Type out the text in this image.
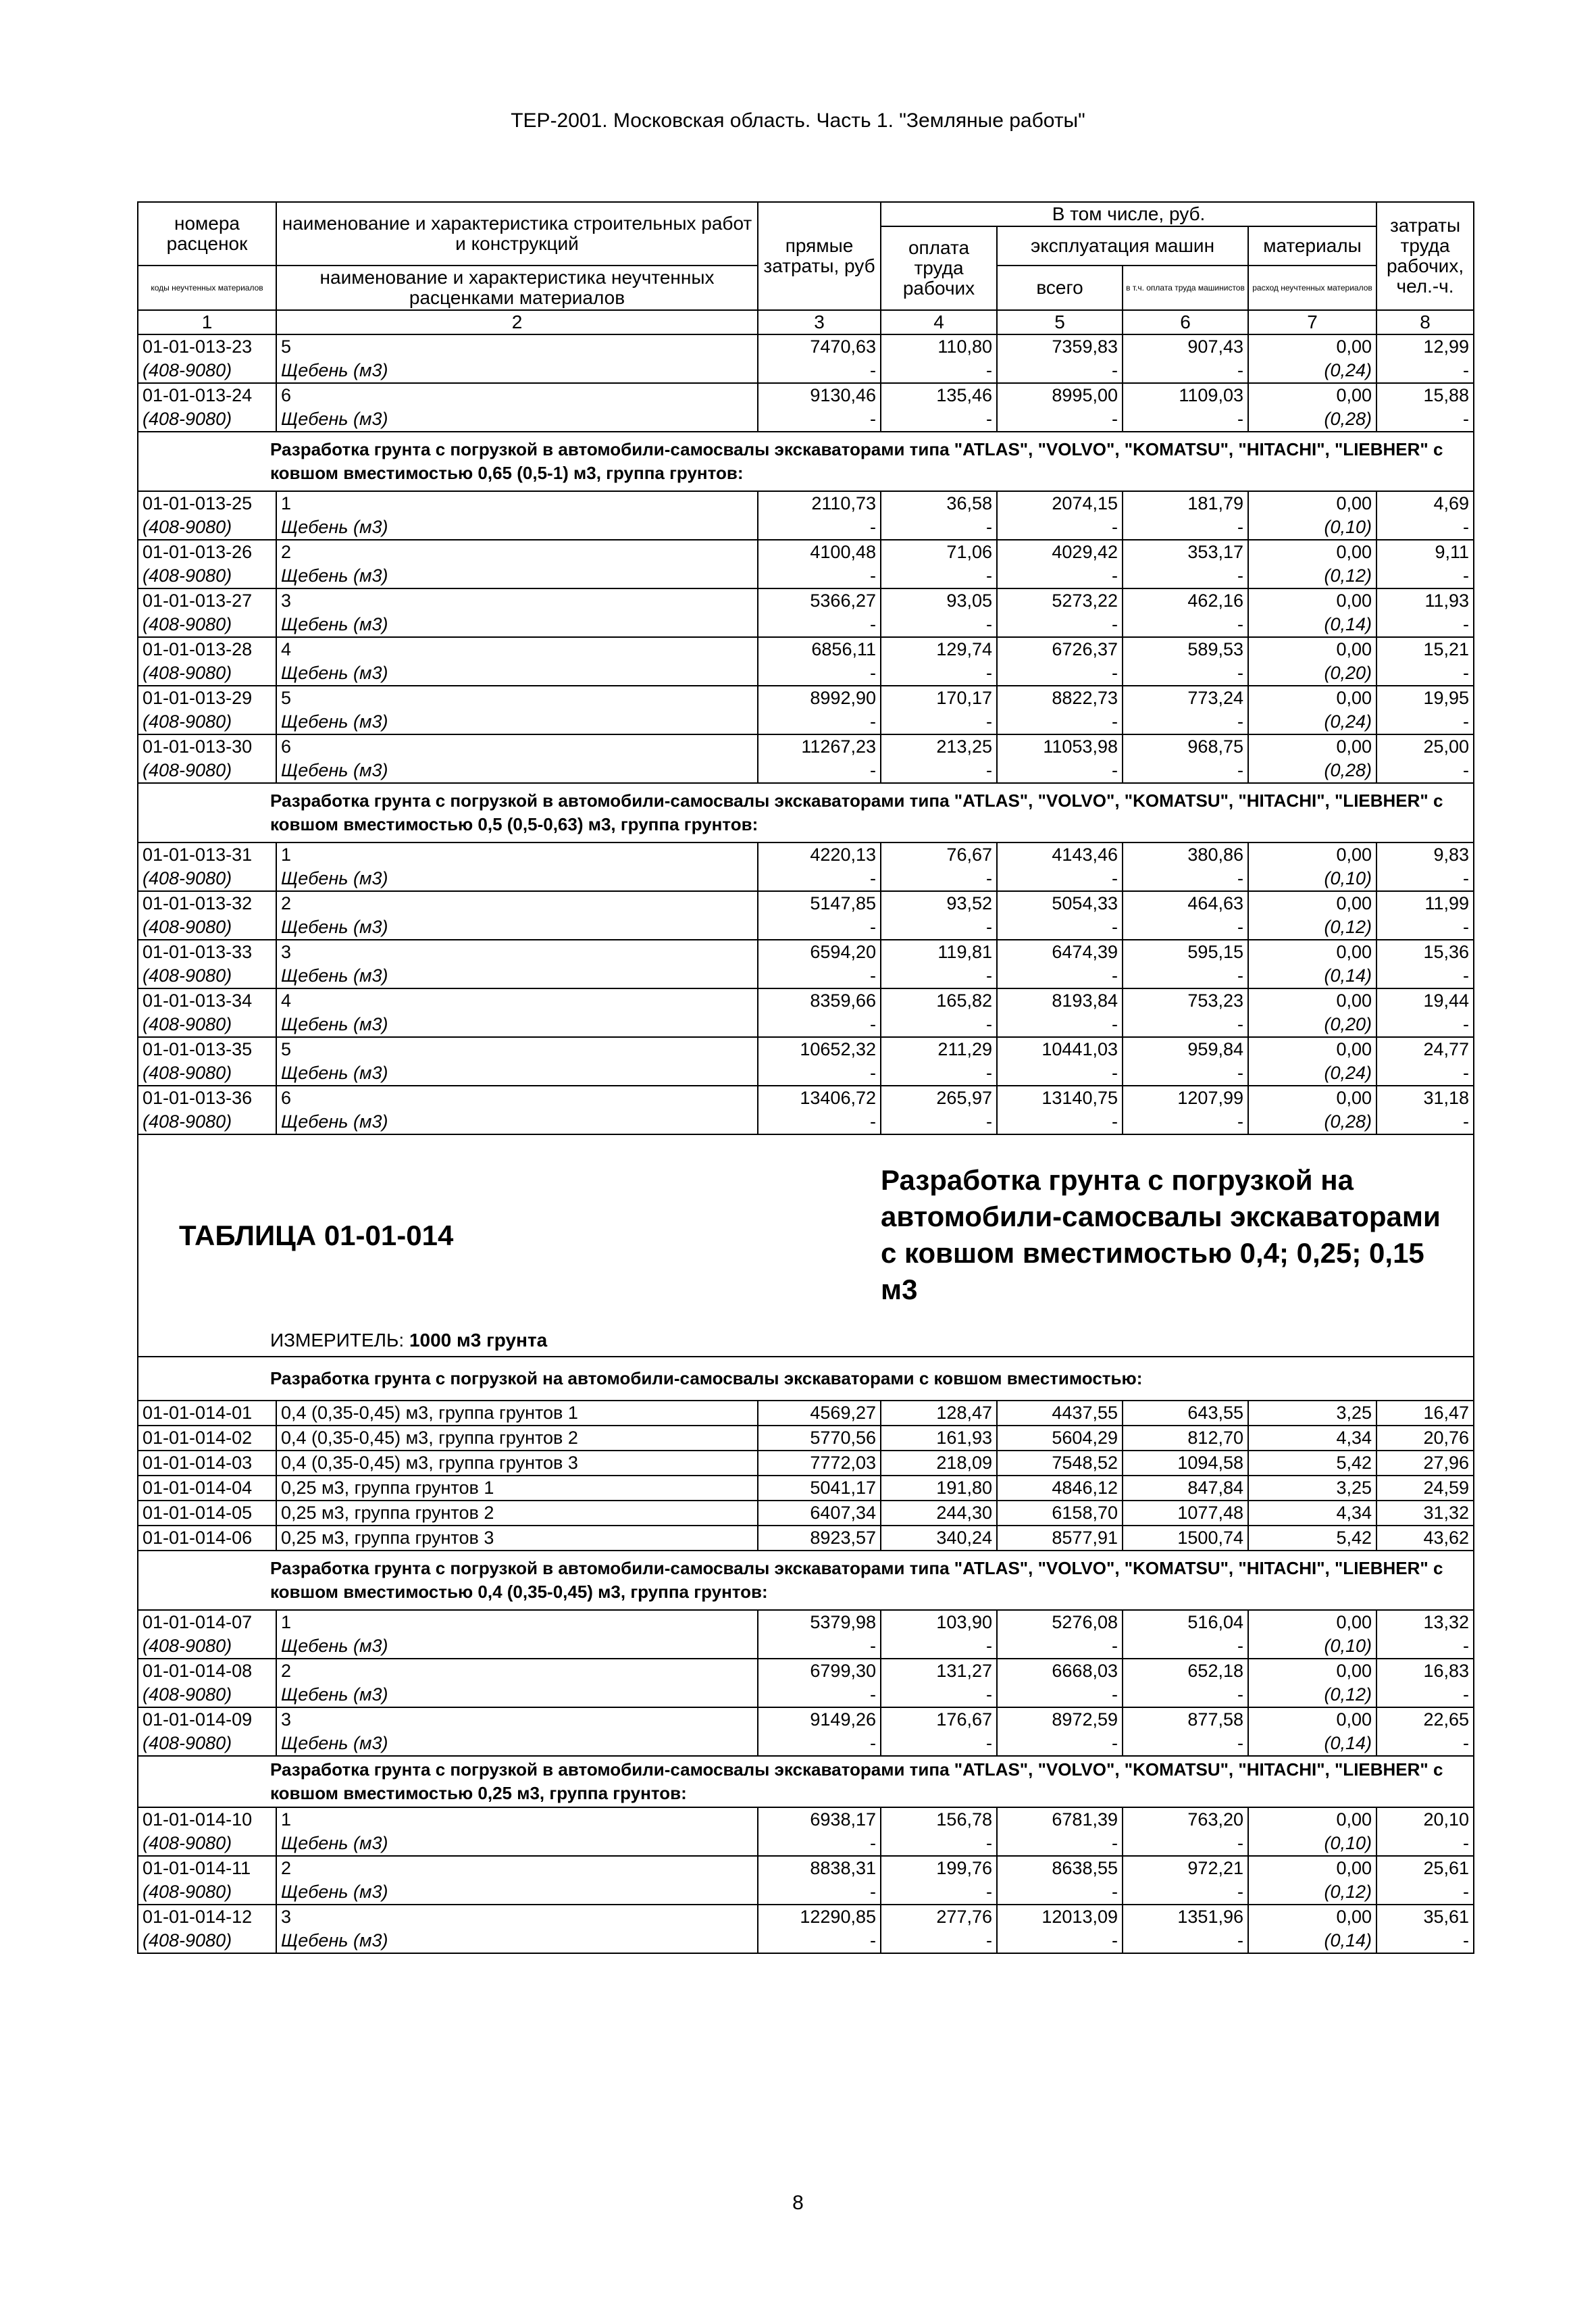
ТЕР-2001. Московская область. Часть 1. "Земляные работы"
номера расценок	наименование и характеристика строительных работ и конструкций	прямые затраты, руб	В том числе, руб.				затраты труда рабочих, чел.-ч.
			оплата труда рабочих	эксплуатация машин		материалы	
коды неучтенных материалов	наименование и характеристика неучтенных расценками материалов			всего	в т.ч. оплата труда машинистов	расход неучтенных материалов	

1	2	3	4	5	6	7	8
01-01-013-23	5	7470,63	110,80	7359,83	907,43	0,00	12,99
(408-9080)	Щебень (м3)	-	-	-	-	(0,24)	-
01-01-013-24	6	9130,46	135,46	8995,00	1109,03	0,00	15,88
(408-9080)	Щебень (м3)	-	-	-	-	(0,28)	-
Разработка грунта с погрузкой в автомобили-самосвалы экскаваторами типа "ATLAS", "VOLVO", "KOMATSU", "HITACHI", "LIEBHER" с ковшом вместимостью 0,65 (0,5-1) м3, группа грунтов:							
01-01-013-25	1	2110,73	36,58	2074,15	181,79	0,00	4,69
(408-9080)	Щебень (м3)	-	-	-	-	(0,10)	-
01-01-013-26	2	4100,48	71,06	4029,42	353,17	0,00	9,11
(408-9080)	Щебень (м3)	-	-	-	-	(0,12)	-
01-01-013-27	3	5366,27	93,05	5273,22	462,16	0,00	11,93
(408-9080)	Щебень (м3)	-	-	-	-	(0,14)	-
01-01-013-28	4	6856,11	129,74	6726,37	589,53	0,00	15,21
(408-9080)	Щебень (м3)	-	-	-	-	(0,20)	-
01-01-013-29	5	8992,90	170,17	8822,73	773,24	0,00	19,95
(408-9080)	Щебень (м3)	-	-	-	-	(0,24)	-
01-01-013-30	6	11267,23	213,25	11053,98	968,75	0,00	25,00
(408-9080)	Щебень (м3)	-	-	-	-	(0,28)	-
Разработка грунта с погрузкой в автомобили-самосвалы экскаваторами типа "ATLAS", "VOLVO", "KOMATSU", "HITACHI", "LIEBHER" с ковшом вместимостью 0,5 (0,5-0,63) м3, группа грунтов:							
01-01-013-31	1	4220,13	76,67	4143,46	380,86	0,00	9,83
(408-9080)	Щебень (м3)	-	-	-	-	(0,10)	-
01-01-013-32	2	5147,85	93,52	5054,33	464,63	0,00	11,99
(408-9080)	Щебень (м3)	-	-	-	-	(0,12)	-
01-01-013-33	3	6594,20	119,81	6474,39	595,15	0,00	15,36
(408-9080)	Щебень (м3)	-	-	-	-	(0,14)	-
01-01-013-34	4	8359,66	165,82	8193,84	753,23	0,00	19,44
(408-9080)	Щебень (м3)	-	-	-	-	(0,20)	-
01-01-013-35	5	10652,32	211,29	10441,03	959,84	0,00	24,77
(408-9080)	Щебень (м3)	-	-	-	-	(0,24)	-
01-01-013-36	6	13406,72	265,97	13140,75	1207,99	0,00	31,18
(408-9080)	Щебень (м3)	-	-	-	-	(0,28)	-
ТАБЛИЦА 01-01-014			Разработка грунта с погрузкой на автомобили-самосвалы экскаваторами с ковшом вместимостью 0,4; 0,25; 0,15 м3				
ИЗМЕРИТЕЛЬ: 1000 м3 грунта							
Разработка грунта с погрузкой на автомобили-самосвалы экскаваторами с ковшом вместимостью:							
01-01-014-01	0,4 (0,35-0,45) м3, группа грунтов 1	4569,27	128,47	4437,55	643,55	3,25	16,47
01-01-014-02	0,4 (0,35-0,45) м3, группа грунтов 2	5770,56	161,93	5604,29	812,70	4,34	20,76
01-01-014-03	0,4 (0,35-0,45) м3, группа грунтов 3	7772,03	218,09	7548,52	1094,58	5,42	27,96
01-01-014-04	0,25 м3, группа грунтов 1	5041,17	191,80	4846,12	847,84	3,25	24,59
01-01-014-05	0,25 м3, группа грунтов 2	6407,34	244,30	6158,70	1077,48	4,34	31,32
01-01-014-06	0,25 м3, группа грунтов 3	8923,57	340,24	8577,91	1500,74	5,42	43,62
Разработка грунта с погрузкой в автомобили-самосвалы экскаваторами типа "ATLAS", "VOLVO", "KOMATSU", "HITACHI", "LIEBHER" с ковшом вместимостью 0,4 (0,35-0,45) м3, группа грунтов:							
01-01-014-07	1	5379,98	103,90	5276,08	516,04	0,00	13,32
(408-9080)	Щебень (м3)	-	-	-	-	(0,10)	-
01-01-014-08	2	6799,30	131,27	6668,03	652,18	0,00	16,83
(408-9080)	Щебень (м3)	-	-	-	-	(0,12)	-
01-01-014-09	3	9149,26	176,67	8972,59	877,58	0,00	22,65
(408-9080)	Щебень (м3)	-	-	-	-	(0,14)	-
Разработка грунта с погрузкой в автомобили-самосвалы экскаваторами типа "ATLAS", "VOLVO", "KOMATSU", "HITACHI", "LIEBHER" с ковшом вместимостью 0,25 м3, группа грунтов:							
01-01-014-10	1	6938,17	156,78	6781,39	763,20	0,00	20,10
(408-9080)	Щебень (м3)	-	-	-	-	(0,10)	-
01-01-014-11	2	8838,31	199,76	8638,55	972,21	0,00	25,61
(408-9080)	Щебень (м3)	-	-	-	-	(0,12)	-
01-01-014-12	3	12290,85	277,76	12013,09	1351,96	0,00	35,61
(408-9080)	Щебень (м3)	-	-	-	-	(0,14)	-
8
